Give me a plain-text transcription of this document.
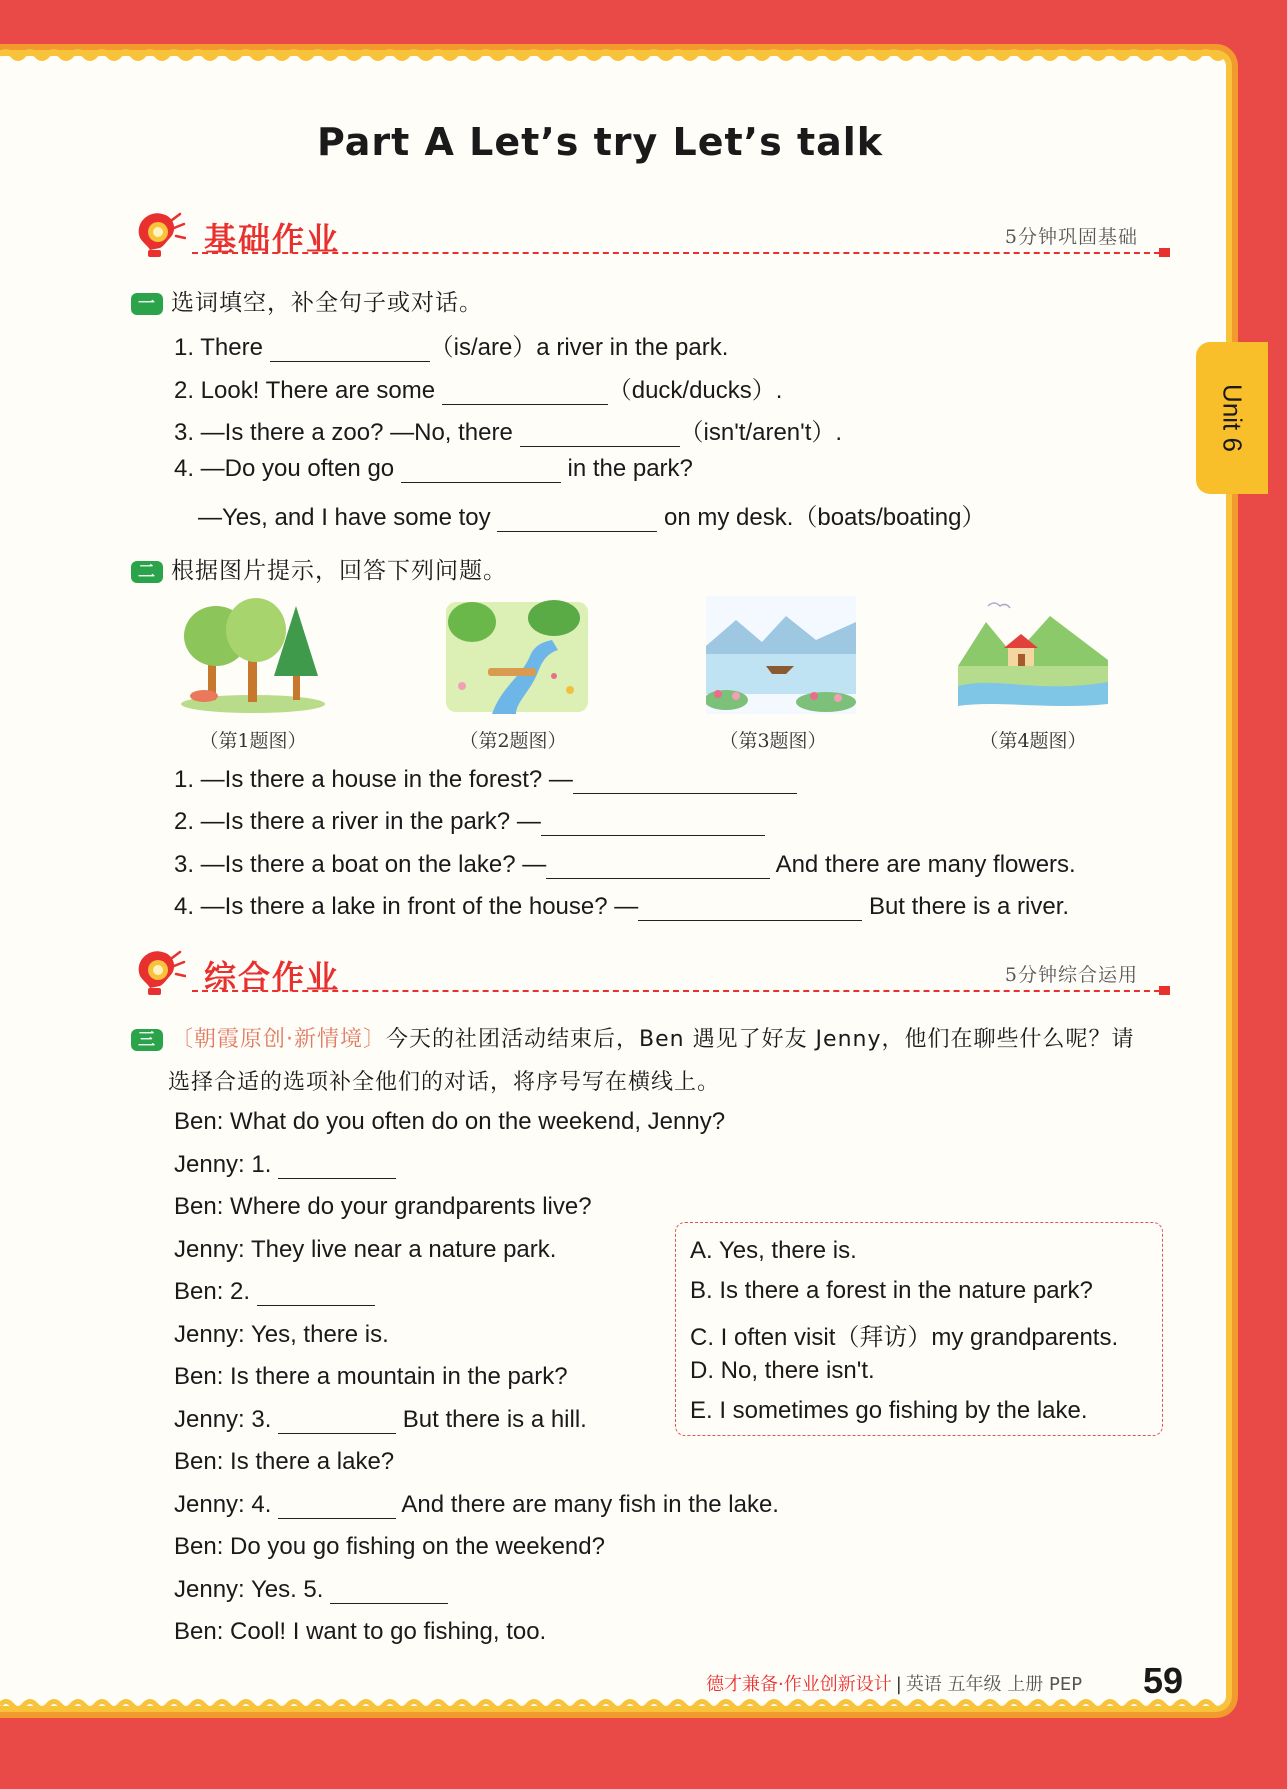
Part A Let’s try Let’s talk
Unit 6
基础作业	5分钟巩固基础
一 选词填空，补全句子或对话。
1. There	（is/are）a river in the park.
2. Look! There are some	（duck/ducks）.
3. —Is there a zoo? —No, there	（isn't/aren't）.
4. —Do you often go	in the park?
—Yes, and I have some toy	on my desk.（boats/boating）
二 根据图片提示，回答下列问题。
（第1题图）	（第2题图）	（第3题图）	（第4题图）
1. —Is there a house in the forest? —
2. —Is there a river in the park? —
3. —Is there a boat on the lake? —	And there are many flowers.
4. —Is there a lake in front of the house? —	But there is a river.
综合作业	5分钟综合运用
三 〔朝霞原创·新情境〕今天的社团活动结束后，Ben 遇见了好友 Jenny，他们在聊些什么呢？请
选择合适的选项补全他们的对话，将序号写在横线上。
Ben: What do you often do on the weekend, Jenny?
Jenny: 1.
Ben: Where do your grandparents live?
Jenny: They live near a nature park.
Ben: 2.
Jenny: Yes, there is.
Ben: Is there a mountain in the park?
Jenny: 3.	But there is a hill.
Ben: Is there a lake?
Jenny: 4.	And there are many fish in the lake.
Ben: Do you go fishing on the weekend?
Jenny: Yes. 5.
Ben: Cool! I want to go fishing, too.
A. Yes, there is.
B. Is there a forest in the nature park?
C. I often visit（拜访）my grandparents.
D. No, there isn't.
E. I sometimes go fishing by the lake.
德才兼备·作业创新设计 | 英语 五年级 上册 PEP 59
